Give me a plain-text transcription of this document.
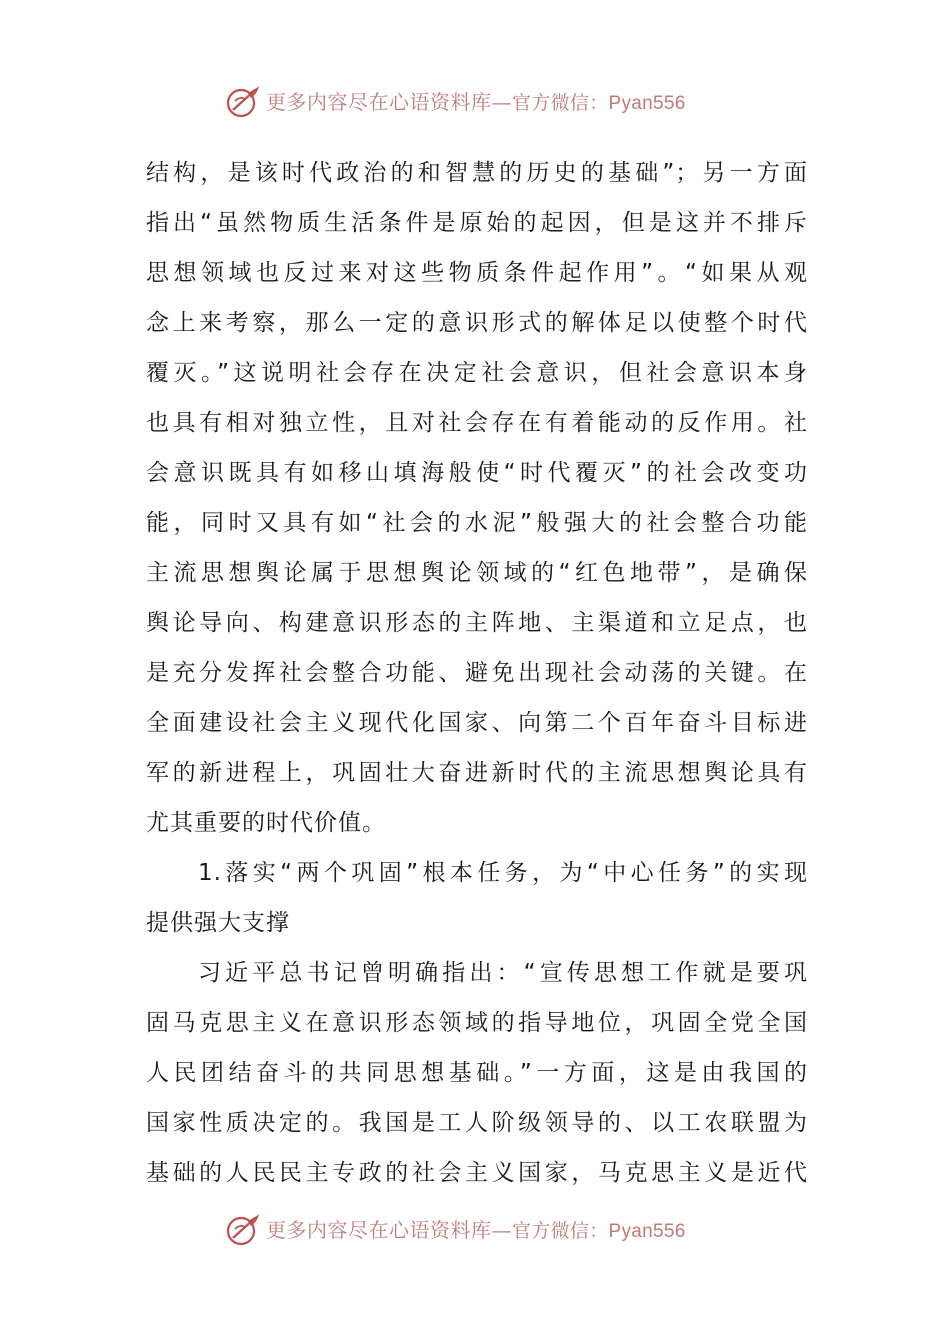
更多内容尽在心语资料库—官方微信：Pyan556
结构，是该时代政治的和智慧的历史的基础”；另一方面
指出“虽然物质生活条件是原始的起因，但是这并不排斥
思想领域也反过来对这些物质条件起作用”。“如果从观
念上来考察，那么一定的意识形式的解体足以使整个时代
覆灭。”这说明社会存在决定社会意识，但社会意识本身
也具有相对独立性，且对社会存在有着能动的反作用。社
会意识既具有如移山填海般使“时代覆灭”的社会改变功
能，同时又具有如“社会的水泥”般强大的社会整合功能
主流思想舆论属于思想舆论领域的“红色地带”，是确保
舆论导向、构建意识形态的主阵地、主渠道和立足点，也
是充分发挥社会整合功能、避免出现社会动荡的关键。在
全面建设社会主义现代化国家、向第二个百年奋斗目标进
军的新进程上，巩固壮大奋进新时代的主流思想舆论具有
尤其重要的时代价值。
1.落实“两个巩固”根本任务，为“中心任务”的实现
提供强大支撑
习近平总书记曾明确指出：“宣传思想工作就是要巩
固马克思主义在意识形态领域的指导地位，巩固全党全国
人民团结奋斗的共同思想基础。”一方面，这是由我国的
国家性质决定的。我国是工人阶级领导的、以工农联盟为
基础的人民民主专政的社会主义国家，马克思主义是近代
更多内容尽在心语资料库—官方微信：Pyan556
